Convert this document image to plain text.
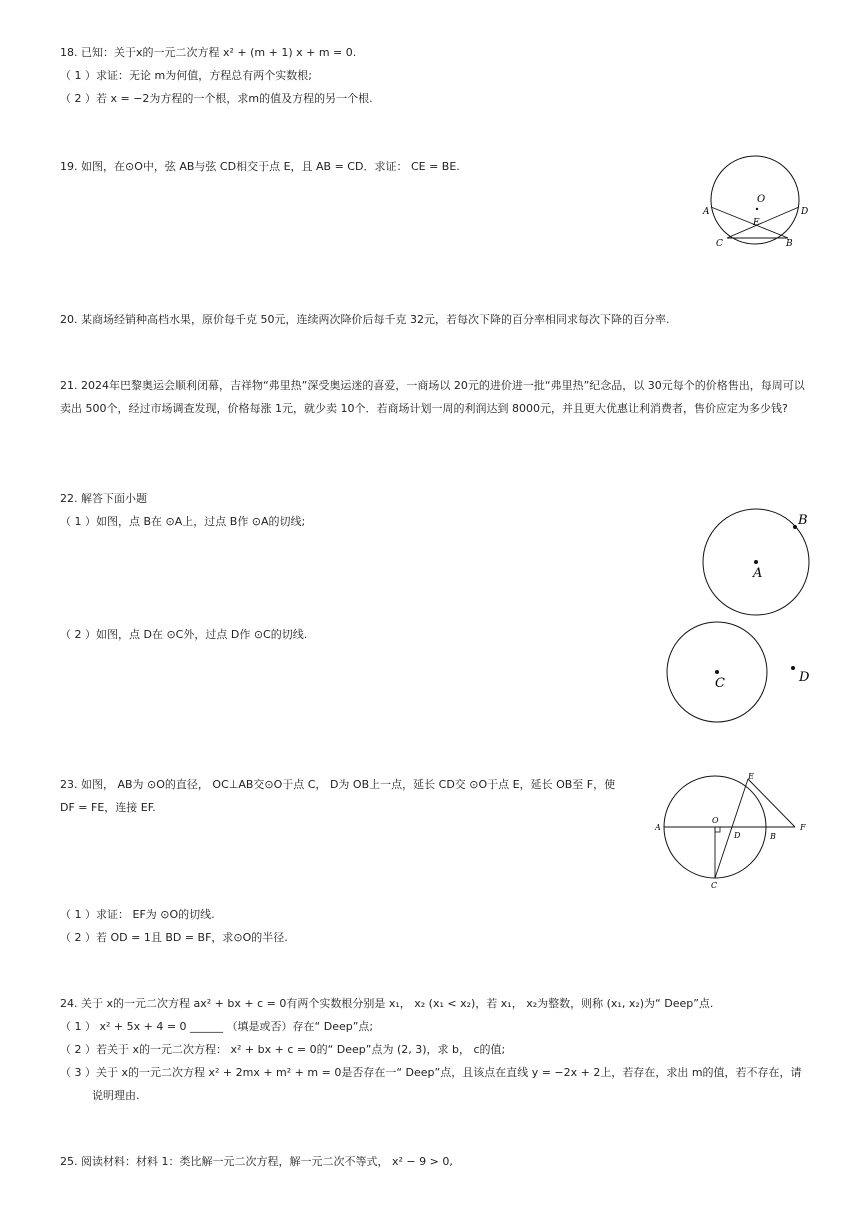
18. 已知：关于x的一元二次方程 x² + (m + 1) x + m = 0.
（ 1 ）求证：无论 m为何值，方程总有两个实数根;
（ 2 ）若 x = −2为方程的一个根，求m的值及方程的另一个根.
19. 如图，在⊙O中，弦 AB与弦 CD相交于点 E，且 AB = CD．求证： CE = BE.
O
A	D
E
C	B
20. 某商场经销种高档水果，原价每千克 50元，连续两次降价后每千克 32元，若每次下降的百分率相同求每次下降的百分率.
21. 2024年巴黎奥运会顺利闭幕，吉祥物“弗里热”深受奥运迷的喜爱，一商场以 20元的进价进一批“弗里热”纪念品，以 30元每个的价格售出，每周可以卖出 500个，经过市场调查发现，价格每涨 1元，就少卖 10个．若商场计划一周的利润达到 8000元，并且更大优惠让利消费者，售价应定为多少钱?
22. 解答下面小题
（ 1 ）如图，点 B在 ⊙A上，过点 B作 ⊙A的切线;
A
B
（ 2 ）如图，点 D在 ⊙C外，过点 D作 ⊙C的切线.
C	D
23. 如图， AB为 ⊙O的直径， OC⊥AB交⊙O于点 C， D为 OB上一点，延长 CD交 ⊙O于点 E，延长 OB至 F，使
DF = FE，连接 EF.
E
O
A
D	B
F
C
（ 1 ）求证： EF为 ⊙O的切线.
（ 2 ）若 OD = 1且 BD = BF，求⊙O的半径.
24. 关于 x的一元二次方程 ax² + bx + c = 0有两个实数根分别是 x₁， x₂ (x₁ < x₂)，若 x₁， x₂为整数，则称 (x₁, x₂)为“ Deep”点.
（ 1 ） x² + 5x + 4 = 0 ______ （填是或否）存在“ Deep”点;
（ 2 ）若关于 x的一元二次方程： x² + bx + c = 0的“ Deep”点为 (2, 3)，求 b， c的值;
（ 3 ）关于 x的一元二次方程 x² + 2mx + m² + m = 0是否存在一“ Deep”点，且该点在直线 y = −2x + 2上，若存在，求出 m的值，若不存在，请
说明理由.
25. 阅读材料：材料 1：类比解一元二次方程，解一元二次不等式， x² − 9 > 0,
